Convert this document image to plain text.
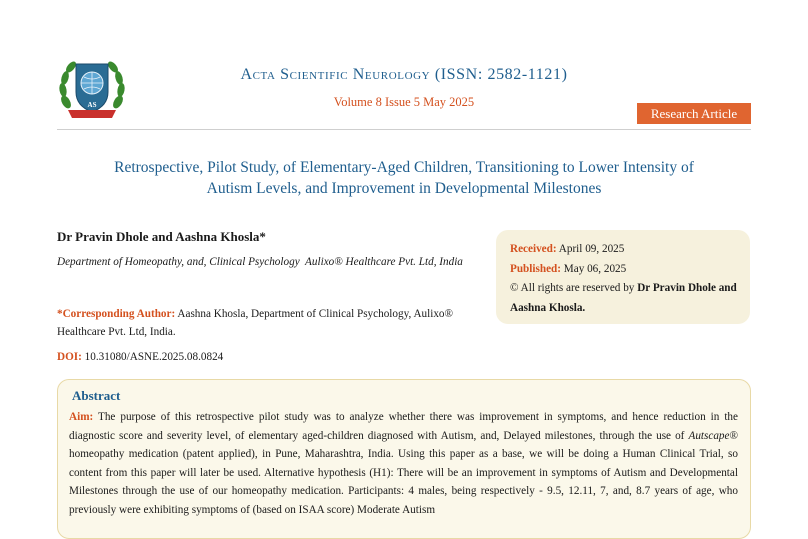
AS
Acta Scientific Neurology (ISSN: 2582-1121)
Volume 8 Issue 5 May 2025
Research Article
Retrospective, Pilot Study, of Elementary-Aged Children, Transitioning to Lower Intensity of Autism Levels, and Improvement in Developmental Milestones
Dr Pravin Dhole and Aashna Khosla*
Department of Homeopathy, and, Clinical Psychology  Aulixo® Healthcare Pvt. Ltd, India
*Corresponding Author: Aashna Khosla, Department of Clinical Psychology, Aulixo® Healthcare Pvt. Ltd, India.
DOI: 10.31080/ASNE.2025.08.0824
Received: April 09, 2025
Published: May 06, 2025
© All rights are reserved by Dr Pravin Dhole and Aashna Khosla.
Abstract

Aim: The purpose of this retrospective pilot study was to analyze whether there was improvement in symptoms, and hence reduction in the diagnostic score and severity level, of elementary aged-children diagnosed with Autism, and, Delayed milestones, through the use of Autscape® homeopathy medication (patent applied), in Pune, Maharashtra, India. Using this paper as a base, we will be doing a Human Clinical Trial, so content from this paper will later be used. Alternative hypothesis (H1): There will be an improvement in symptoms of Autism and Developmental Milestones through the use of our homeopathy medication. Participants: 4 males, being respectively - 9.5, 12.11, 7, and, 8.7 years of age, who previously were exhibiting symptoms of (based on ISAA score) Moderate Autism
